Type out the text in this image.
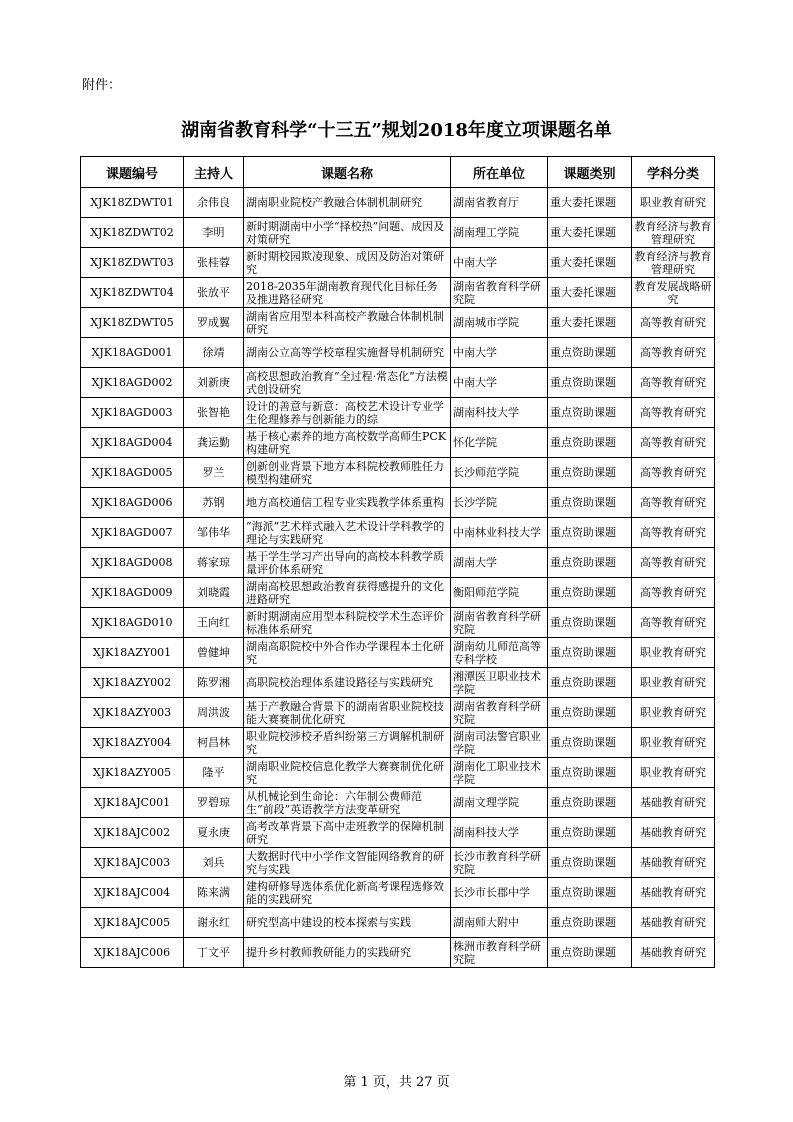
附件：
湖南省教育科学“十三五”规划2018年度立项课题名单
课题编号	主持人	课题名称	所在单位	课题类别	学科分类
XJK18ZDWT01	余伟良	湖南职业院校产教融合体制机制研究	湖南省教育厅	重大委托课题	职业教育研究
XJK18ZDWT02	李明	新时期湖南中小学“择校热”问题、成因及对策研究	湖南理工学院	重大委托课题	教育经济与教育管理研究
XJK18ZDWT03	张桂蓉	新时期校园欺凌现象、成因及防治对策研究	中南大学	重大委托课题	教育经济与教育管理研究
XJK18ZDWT04	张放平	2018-2035年湖南教育现代化目标任务及推进路径研究	湖南省教育科学研究院	重大委托课题	教育发展战略研究
XJK18ZDWT05	罗成翼	湖南省应用型本科高校产教融合体制机制研究	湖南城市学院	重大委托课题	高等教育研究
XJK18AGD001	徐靖	湖南公立高等学校章程实施督导机制研究	中南大学	重点资助课题	高等教育研究
XJK18AGD002	刘新庚	高校思想政治教育“全过程·常态化”方法模式创设研究	中南大学	重点资助课题	高等教育研究
XJK18AGD003	张智艳	设计的善意与新意：高校艺术设计专业学生伦理修养与创新能力的综	湖南科技大学	重点资助课题	高等教育研究
XJK18AGD004	龚运勤	基于核心素养的地方高校数学高师生PCK构建研究	怀化学院	重点资助课题	高等教育研究
XJK18AGD005	罗兰	创新创业背景下地方本科院校教师胜任力模型构建研究	长沙师范学院	重点资助课题	高等教育研究
XJK18AGD006	苏钢	地方高校通信工程专业实践教学体系重构	长沙学院	重点资助课题	高等教育研究
XJK18AGD007	邹伟华	“海派”艺术样式融入艺术设计学科教学的理论与实践研究	中南林业科技大学	重点资助课题	高等教育研究
XJK18AGD008	蒋家琼	基于学生学习产出导向的高校本科教学质量评价体系研究	湖南大学	重点资助课题	高等教育研究
XJK18AGD009	刘晓霞	湖南高校思想政治教育获得感提升的文化进路研究	衡阳师范学院	重点资助课题	高等教育研究
XJK18AGD010	王向红	新时期湖南应用型本科院校学术生态评价标准体系研究	湖南省教育科学研究院	重点资助课题	高等教育研究
XJK18AZY001	曾健坤	湖南高职院校中外合作办学课程本土化研究	湖南幼儿师范高等专科学校	重点资助课题	职业教育研究
XJK18AZY002	陈罗湘	高职院校治理体系建设路径与实践研究	湘潭医卫职业技术学院	重点资助课题	职业教育研究
XJK18AZY003	周洪波	基于产教融合背景下的湖南省职业院校技能大赛赛制优化研究	湖南省教育科学研究院	重点资助课题	职业教育研究
XJK18AZY004	柯昌林	职业院校涉校矛盾纠纷第三方调解机制研究	湖南司法警官职业学院	重点资助课题	职业教育研究
XJK18AZY005	隆平	湖南职业院校信息化教学大赛赛制优化研究	湖南化工职业技术学院	重点资助课题	职业教育研究
XJK18AJC001	罗碧琼	从机械论到生命论：六年制公费师范生“前段”英语教学方法变革研究	湖南文理学院	重点资助课题	基础教育研究
XJK18AJC002	夏永庚	高考改革背景下高中走班教学的保障机制研究	湖南科技大学	重点资助课题	基础教育研究
XJK18AJC003	刘兵	大数据时代中小学作文智能网络教育的研究与实践	长沙市教育科学研究院	重点资助课题	基础教育研究
XJK18AJC004	陈来满	建构研修导选体系优化新高考课程选修效能的实践研究	长沙市长郡中学	重点资助课题	基础教育研究
XJK18AJC005	谢永红	研究型高中建设的校本探索与实践	湖南师大附中	重点资助课题	基础教育研究
XJK18AJC006	丁文平	提升乡村教师教研能力的实践研究	株洲市教育科学研究院	重点资助课题	基础教育研究
第 1 页，共 27 页
